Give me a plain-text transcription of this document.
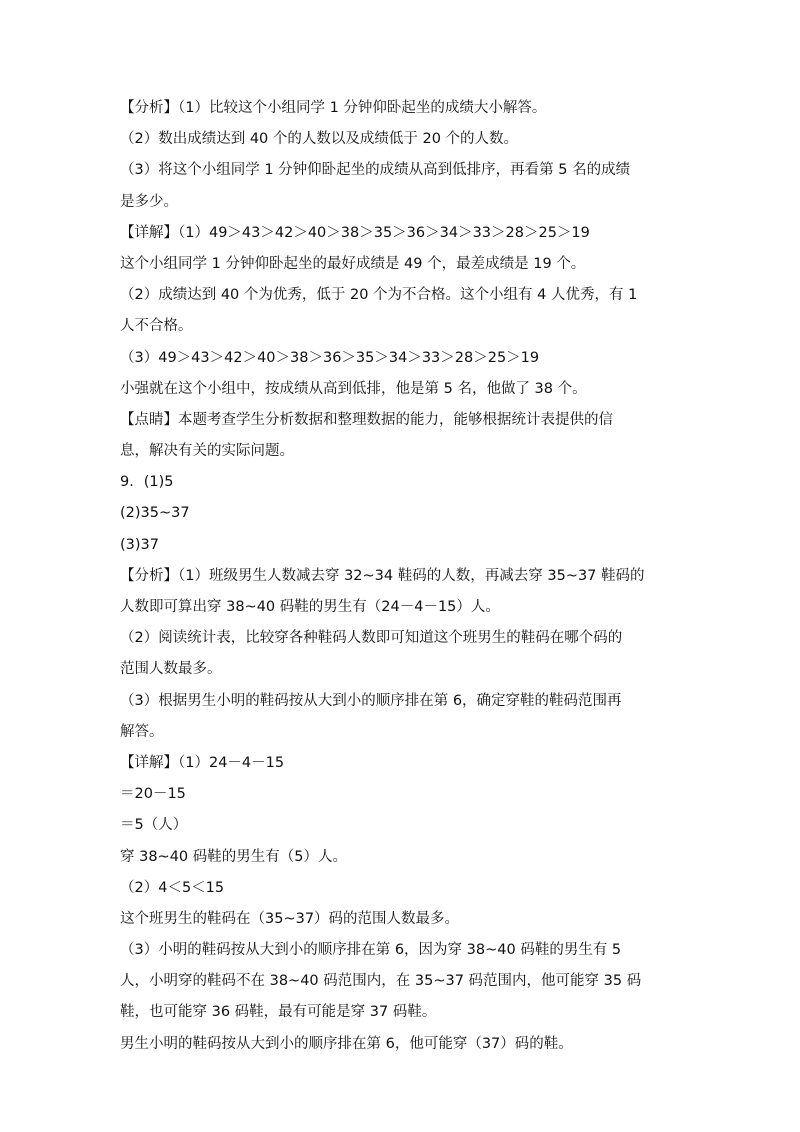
【分析】（1）比较这个小组同学 1 分钟仰卧起坐的成绩大小解答。
（2）数出成绩达到 40 个的人数以及成绩低于 20 个的人数。
（3）将这个小组同学 1 分钟仰卧起坐的成绩从高到低排序，再看第 5 名的成绩
是多少。
【详解】（1）49＞43＞42＞40＞38＞35＞36＞34＞33＞28＞25＞19
这个小组同学 1 分钟仰卧起坐的最好成绩是 49 个，最差成绩是 19 个。
（2）成绩达到 40 个为优秀，低于 20 个为不合格。这个小组有 4 人优秀，有 1
人不合格。
（3）49＞43＞42＞40＞38＞36＞35＞34＞33＞28＞25＞19
小强就在这个小组中，按成绩从高到低排，他是第 5 名，他做了 38 个。
【点睛】本题考查学生分析数据和整理数据的能力，能够根据统计表提供的信
息，解决有关的实际问题。
9．(1)5
(2)35~37
(3)37
【分析】（1）班级男生人数减去穿 32~34 鞋码的人数，再减去穿 35~37 鞋码的
人数即可算出穿 38~40 码鞋的男生有（24－4－15）人。
（2）阅读统计表，比较穿各种鞋码人数即可知道这个班男生的鞋码在哪个码的
范围人数最多。
（3）根据男生小明的鞋码按从大到小的顺序排在第 6，确定穿鞋的鞋码范围再
解答。
【详解】（1）24－4－15
＝20－15
＝5（人）
穿 38~40 码鞋的男生有（5）人。
（2）4＜5＜15
这个班男生的鞋码在（35~37）码的范围人数最多。
（3）小明的鞋码按从大到小的顺序排在第 6，因为穿 38~40 码鞋的男生有 5
人，小明穿的鞋码不在 38~40 码范围内，在 35~37 码范围内，他可能穿 35 码
鞋，也可能穿 36 码鞋，最有可能是穿 37 码鞋。
男生小明的鞋码按从大到小的顺序排在第 6，他可能穿（37）码的鞋。
